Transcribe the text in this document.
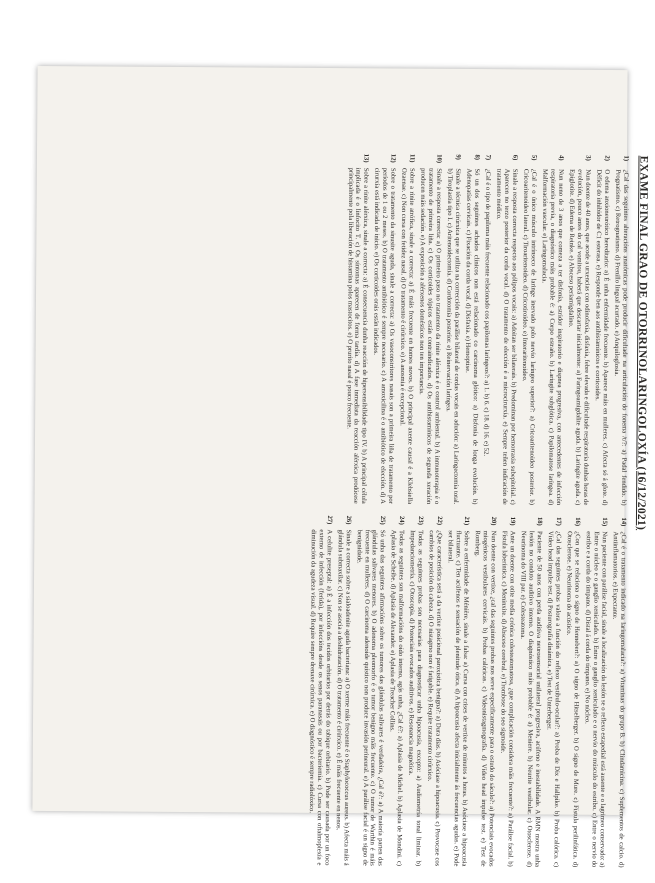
EXAME FINAL GRAO DE OTORRINOLARINGOLOXÍA (16/12/2021)
1)
¿Cal das seguintes alteracións anatómicas pode producir dificultade na articulación do fonema /t/?: a) Padal fendido. b) Prognatismo. c) Retrognatismo. d) Frenillo lingual acurtado. e) Anquiloglosia.
2)
O edema anxioneurótico hereditario: a) É unha enfermidade frecuente. b) Aparece máis en mulleres. c) Afecta só á glote. d) Déficit do inhibidor de C1 esterasa. e) Responde ben aos antihistamínicos e corticoides.
3)
Nun doente de 40 anos, que acode a urxencias con odinofaxia, disfaxia, febre elevada e dificultade respiratoria dunhas horas de evolución, pouco antes do cal vomitou, haberá que descartar inicialmente: a) Faringoamigdalite aguda. b) Laringite aguda. c) Epiglotite. d) Edema de Reinke. e) Absceso periamigdalino.
4)
Nun neno de 3 anos que comeza a ter disfonía, estridor inspiratorio e dispnea progresiva, con antecedentes de infección respiratoria previa, o diagnóstico máis probable é: a) Corpo estraño. b) Laringite subglótica. c) Papilomatose laríngea. d) Malformación vascular. e) Laringomalacia.
5)
¿Cal é o único músculo intrínseco de laringe inervado polo nervio laríngeo superior?: a) Cricoaritenoideo posterior. b) Cricoaritenoideo lateral. c) Tiroaritenoideo. d) Cricotiroideo. e) Interaritenoideo.
6)
Sinale a resposta correcta respecto aos pólipos vocais: a) Adoitan ser bilaterais. b) Predominan por hemorraxia subepitelial. c) Aparecen no terzo posterior da corda vocal. d) O tratamento de elección é a microcirurxía. e) Sempre teñen indicación de tratamento médico.
7)
¿Cal é o tipo de papiloma máis frecuente relacionado cos papilomas laríngeos?: a) 1. b) 6. c) 18. d) 16. e) 52.
8)
Só un dos seguintes achados clínicos non está relacionado co carcinoma glótico: a) Disfonía de longa evolución. b) Adenopatías cervicais. c) Fixación da corda vocal. d) Disfaxia. e) Hemoptise.
9)
Sinale a técnica cirúrxica que se utiliza na corrección da parálise bilateral de cordas vocais en adución: a) Laringectomía total. b) Tiroplastia tipo I. c) Aritenoidectomía. d) Cordotomía posterior. e) Reinervación laríngea.
10)
Sinale a resposta correcta: a) O primeiro paso no tratamento da rinite alérxica é o control ambiental. b) A inmunoterapia é o tratamento de primeira liña. c) Os corticoides tópicos están contraindicados. d) Os antihistamínicos de segunda xeración producen máis sedación. e) A exposición a alérxenos domésticos non ten importancia.
11)
Sobre a rinite atrófica, sinale a correcta: a) É máis frecuente en homes novos. b) O principal axente causal é a Klebsiella Ozaenae. c) Non cursa con fetidez nasal. d) O tratamento é cirúrxico. e) A anosmia é excepcional.
12)
Sobre o tratamento da sinusite aguda, sinale a correcta: a) Os vasoconstritores nasais son a primeira liña de tratamento por períodos de 1 ou 2 meses. b) O tratamento antibiótico é sempre necesario. c) A amoxicilina é o antibiótico de elección. d) A cirurxía está indicada de inicio. e) Os corticoides orais están indicados.
13)
Sobre a rinite alérxica, sinale a correcta: a) É consecuencia dunha reacción de hipersensibilidade tipo IV. b) A principal célula implicada é o linfocito T. c) Os síntomas aparecen de forma tardía. d) A fase inmediata da reacción alérxica prodúcese principalmente pola liberación de histamina polos mastocitos. e) O prurito nasal é pouco frecuente.
14)
¿Cal é o tratamento indicado na laringomalacia?: a) Vitaminas do grupo B. b) Clindamicina. c) Suplementos de calcio. d) Antiinflamatorios. e) Expectante.
15)
Nun paciente con parálise facial, sinale a localización da lesión se o reflexo estapedial está ausente e o lagrimeo conservado: a) Entre o núcleo e o ganglio xeniculado. b) Entre o ganglio xeniculado e o nervio do músculo do estribo. c) Entre o nervio do estribo e a corda do tímpano. d) Distal á corda do tímpano. e) No núcleo.
16)
¿Con que se relaciona o signo de Hennebert?: a) O signo de Hitselberger. b) O signo de Mure. c) Fístula perilinfática. d) Otosclerose. e) Neurinoma do acústico.
17)
¿Cal das seguintes probas valora a función do reflexo vestíbulo-ocular?: a) Proba de Dix e Hallpike. b) Proba calórica. c) Vídeo head impulse test. d) Posturografía dinámica. e) Test de Unterberger.
18)
Paciente de 50 anos con perda auditiva neurosensorial unilateral progresiva, acúfeno e inestabilidade. A RMN mostra unha lesión no conduto auditivo interno. O diagnóstico máis probable é: a) Meniere. b) Neurite vestibular. c) Otosclerose. d) Neurinoma do VIII par. e) Colesteatoma.
19)
Ante un doente con otite media crónica colesteatomatosa, ¿que complicación considera máis frecuente?: a) Parálise facial. b) Fístula laberíntica. c) Meninxite. d) Absceso cerebral. e) Trombose do seo sigmoide.
20)
Nun doente con vertixe, ¿cal das seguintes probas nos serve especificamente para o estudo do sáculo?: a) Potenciais evocados miogénicos vestibulares cervicais. b) Probas calóricas. c) Videonistagmografía. d) Vídeo head impulse test. e) Test de Romberg.
21)
Sobre a enfermidade de Ménière, sinale a falsa: a) Cursa con crises de vertixe de minutos a horas. b) Asóciase a hipoacusia fluctuante. c) Ten acúfenos e sensación de plenitude ótica. d) A hipoacusia afecta inicialmente ás frecuencias agudas. e) Pode ser bilateral.
22)
¿Que característica será a da vertixe posicional paroxística benigna?: a) Dura días. b) Asóciase a hipoacusia. c) Provocase cos cambios de posición da cabeza. d) O nistagmo non é fatigable. e) Require tratamento cirúrxico.
23)
Todas as seguintes probas son necesarias para diagnosticar unha hipoacusia, excepto: a) Audiometría tonal liminar. b) Impedanciometría. c) Otoscopia. d) Potenciais evocados auditivos. e) Resonancia magnética.
24)
Todas as seguintes son malformacións do oído interno, agás unha, ¿Cal é?: a) Aplasia de Michel. b) Aplasia de Mondini. c) Aplasia de Scheibe. d) Aplasia de Alexander. e) Aplasia de Treacher Collins.
25)
Só unha das seguintes afirmacións sobre os tumores das glándulas salivares é verdadeira, ¿Cal é?: a) A maioría parten das glándulas salivares menores. b) O adenoma pleomorfo é o tumor benigno máis frecuente. c) O tumor de Warthin é máis frecuente en mulleres. d) O carcinoma adenoide quístico non produce invasión perineural. e) A parálise facial é un signo de benignidade.
26)
Sinale a correcta sobre a sialoadenite aguda bacteriana: a) O xerme máis frecuente é o Staphylococcus aureus. b) Afecta máis á glándula submaxilar. c) Non se asocia a deshidratación. d) O tratamento é cirúrxico. e) É máis frecuente en nenos.
27)
A celulite preseptal: a) É a infección dos tecidos orbitarios por detrás do tabique orbitario. b) Pode ser causada por un foco externo de infección (ferida), por infeccións desde os senos paranasais ou por bacteriemia. c) Cursa con oftalmoplexía e diminución da agudeza visual. d) Require sempre drenaxe cirúrxica. e) O diagnóstico é sempre radiolóxico.
